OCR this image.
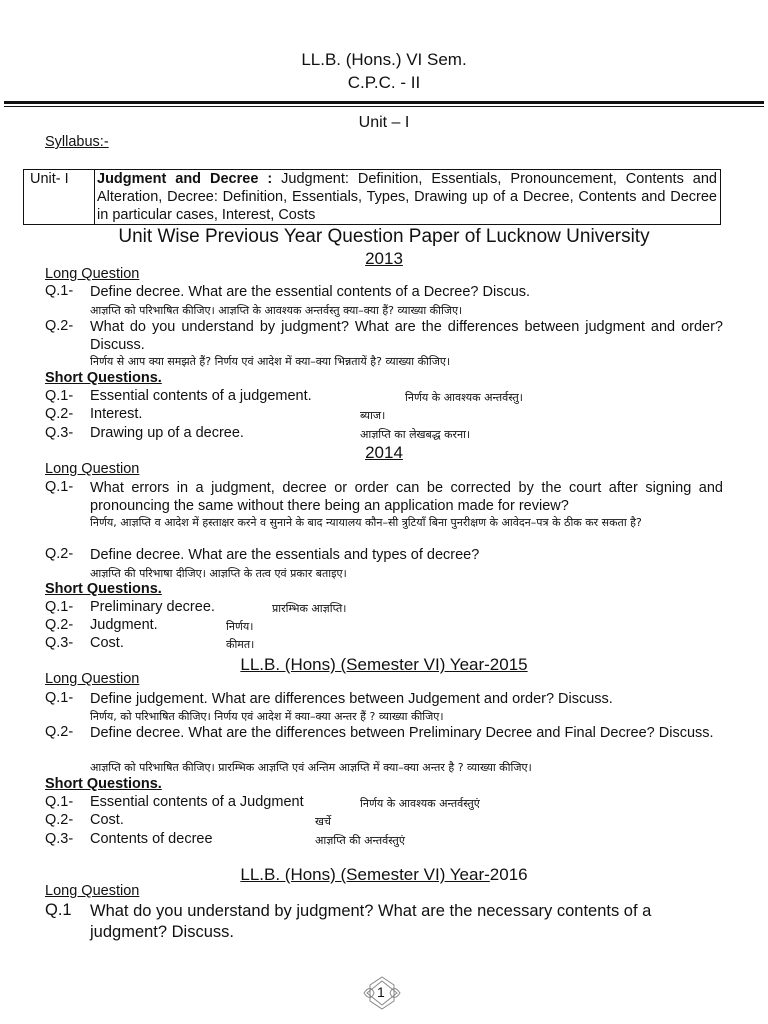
LL.B. (Hons.) VI Sem.
C.P.C. - II
Unit – I
Syllabus:-
Unit- I Judgment and Decree : Judgment: Definition, Essentials, Pronouncement, Contents and Alteration, Decree: Definition, Essentials, Types, Drawing up of a Decree, Contents and Decree in particular cases, Interest, Costs
Unit Wise Previous Year Question Paper of Lucknow University
2013
Long Question
Q.1- Define decree. What are the essential contents of a Decree? Discus.
आज्ञप्ति को परिभाषित कीजिए। आज्ञप्ति के आवश्यक अन्तर्वस्तु क्या–क्या हैं? व्याख्या कीजिए।
Q.2- What do you understand by judgment? What are the differences between judgment and order? Discuss.
निर्णय से आप क्या समझते हैं? निर्णय एवं आदेश में क्या–क्या भिन्नतायें है? व्याख्या कीजिए।
Short Questions.
Q.1- Essential contents of a judgement.	निर्णय के आवश्यक अन्तर्वस्तु।
Q.2- Interest.	ब्याज।
Q.3- Drawing up of a decree.	आज्ञप्ति का लेखबद्ध करना।
2014
Long Question
Q.1- What errors in a judgment, decree or order can be corrected by the court after signing and pronouncing the same without there being an application made for review?
निर्णय, आज्ञप्ति व आदेश में हस्ताक्षर करने व सुनाने के बाद न्यायालय कौन–सी त्रुटियाँ बिना पुनरीक्षण के आवेदन–पत्र के ठीक कर सकता है?
Q.2- Define decree. What are the essentials and types of decree?
आज्ञप्ति की परिभाषा दीजिए। आज्ञप्ति के तत्व एवं प्रकार बताइए।
Short Questions.
Q.1- Preliminary decree.	प्रारम्भिक आज्ञप्ति।
Q.2- Judgment.	निर्णय।
Q.3- Cost.	कीमत।
LL.B. (Hons) (Semester VI) Year-2015
Long Question
Q.1- Define judgement. What are differences between Judgement and order? Discuss.
निर्णय, को परिभाषित कीजिए। निर्णय एवं आदेश में क्या–क्या अन्तर हैं ? व्याख्या कीजिए।
Q.2- Define decree. What are the differences between Preliminary Decree and Final Decree? Discuss.
आज्ञप्ति को परिभाषित कीजिए। प्रारम्भिक आज्ञप्ति एवं अन्तिम आज्ञप्ति में क्या–क्या अन्तर है ? व्याख्या कीजिए।
Short Questions.
Q.1- Essential contents of a Judgment	निर्णय के आवश्यक अन्तर्वस्तुएं
Q.2- Cost.	खर्चे
Q.3- Contents of decree	आज्ञप्ति की अन्तर्वस्तुएं
LL.B. (Hons) (Semester VI) Year-2016
Long Question
Q.1 What do you understand by judgment? What are the necessary contents of a judgment? Discuss.
1
